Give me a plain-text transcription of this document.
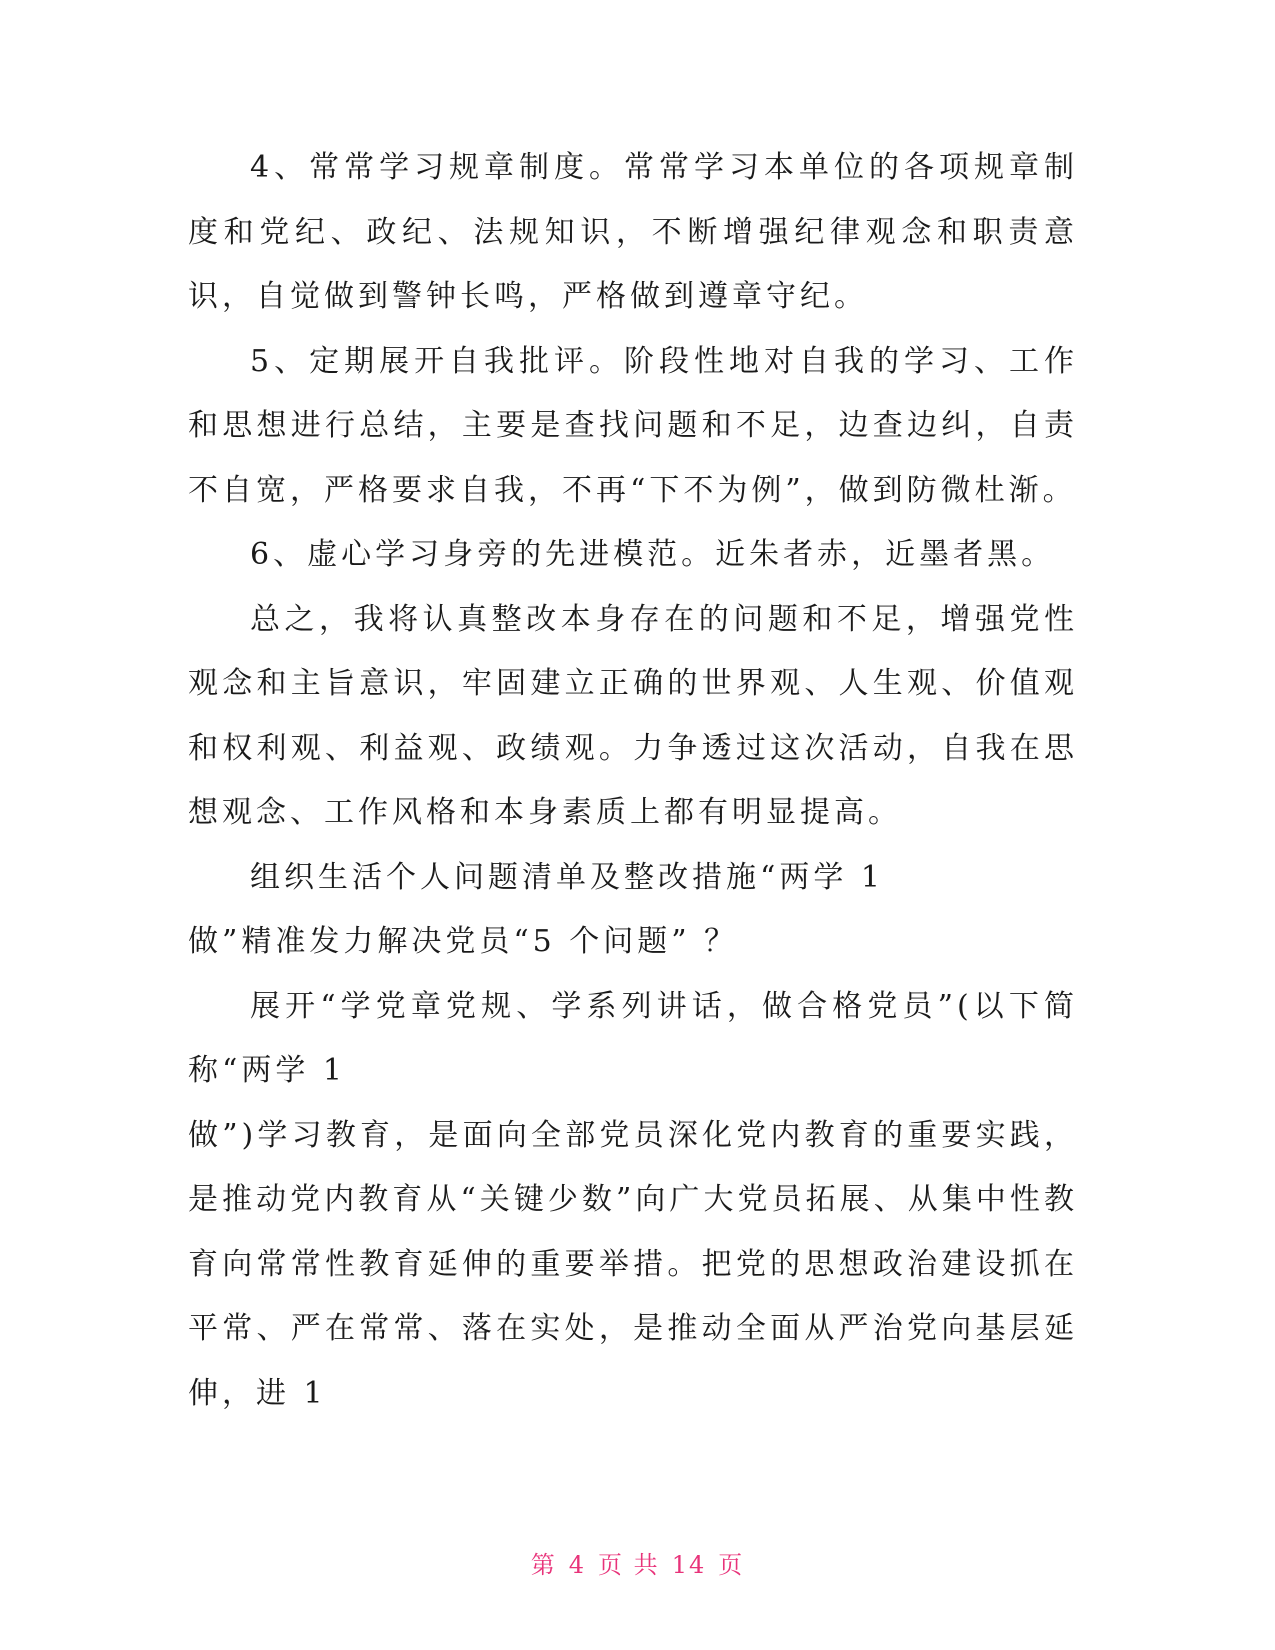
4、常常学习规章制度。常常学习本单位的各项规章制度和党纪、政纪、法规知识，不断增强纪律观念和职责意识，自觉做到警钟长鸣，严格做到遵章守纪。

5、定期展开自我批评。阶段性地对自我的学习、工作和思想进行总结，主要是查找问题和不足，边查边纠，自责不自宽，严格要求自我，不再“下不为例”，做到防微杜渐。

6、虚心学习身旁的先进模范。近朱者赤，近墨者黑。

总之，我将认真整改本身存在的问题和不足，增强党性观念和主旨意识，牢固建立正确的世界观、人生观、价值观和权利观、利益观、政绩观。力争透过这次活动，自我在思想观念、工作风格和本身素质上都有明显提高。

组织生活个人问题清单及整改措施“两学 1

做”精准发力解决党员“5 个问题” ？

展开“学党章党规、学系列讲话，做合格党员”(以下简称“两学 1

做”)学习教育，是面向全部党员深化党内教育的重要实践，是推动党内教育从“关键少数”向广大党员拓展、从集中性教育向常常性教育延伸的重要举措。把党的思想政治建设抓在平常、严在常常、落在实处，是推动全面从严治党向基层延伸，进 1

第 4 页 共 14 页
